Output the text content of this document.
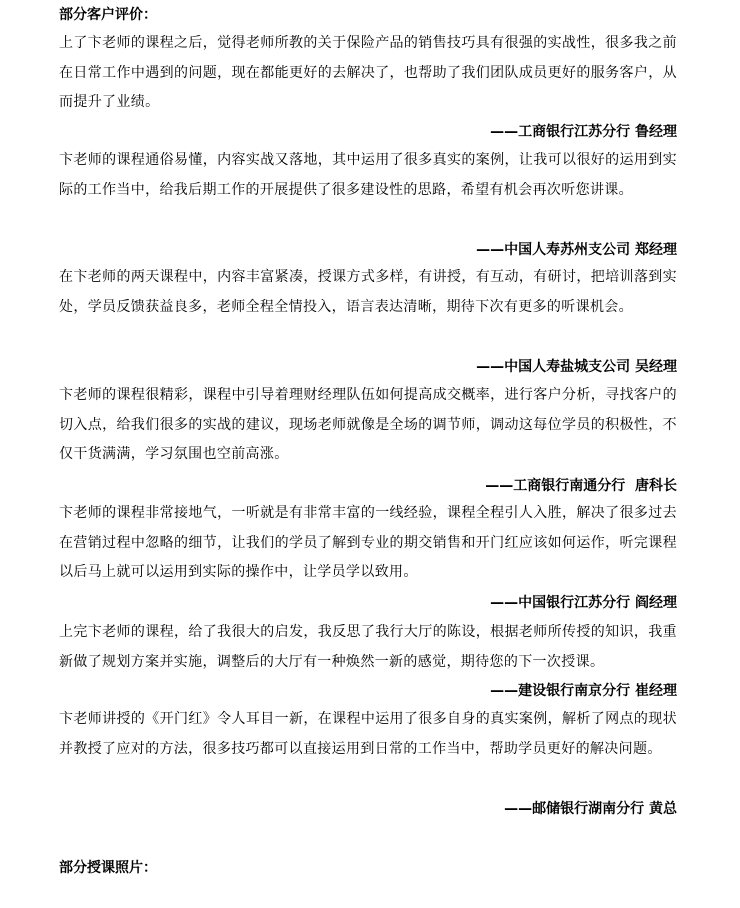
部分客户评价：

上了卞老师的课程之后，觉得老师所教的关于保险产品的销售技巧具有很强的实战性，很多我之前在日常工作中遇到的问题，现在都能更好的去解决了，也帮助了我们团队成员更好的服务客户，从而提升了业绩。

——工商银行江苏分行 鲁经理

卞老师的课程通俗易懂，内容实战又落地，其中运用了很多真实的案例，让我可以很好的运用到实际的工作当中，给我后期工作的开展提供了很多建设性的思路，希望有机会再次听您讲课。

——中国人寿苏州支公司 郑经理

在卞老师的两天课程中，内容丰富紧凑，授课方式多样，有讲授，有互动，有研讨，把培训落到实处，学员反馈获益良多，老师全程全情投入，语言表达清晰，期待下次有更多的听课机会。

——中国人寿盐城支公司 吴经理

卞老师的课程很精彩，课程中引导着理财经理队伍如何提高成交概率，进行客户分析，寻找客户的切入点，给我们很多的实战的建议，现场老师就像是全场的调节师，调动这每位学员的积极性，不仅干货满满，学习氛围也空前高涨。

——工商银行南通分行  唐科长

卞老师的课程非常接地气，一听就是有非常丰富的一线经验，课程全程引人入胜，解决了很多过去在营销过程中忽略的细节，让我们的学员了解到专业的期交销售和开门红应该如何运作，听完课程以后马上就可以运用到实际的操作中，让学员学以致用。

——中国银行江苏分行 阎经理

上完卞老师的课程，给了我很大的启发，我反思了我行大厅的陈设，根据老师所传授的知识，我重新做了规划方案并实施，调整后的大厅有一种焕然一新的感觉，期待您的下一次授课。

——建设银行南京分行 崔经理

卞老师讲授的《开门红》令人耳目一新，在课程中运用了很多自身的真实案例，解析了网点的现状并教授了应对的方法，很多技巧都可以直接运用到日常的工作当中，帮助学员更好的解决问题。

——邮储银行湖南分行 黄总
部分授课照片：
